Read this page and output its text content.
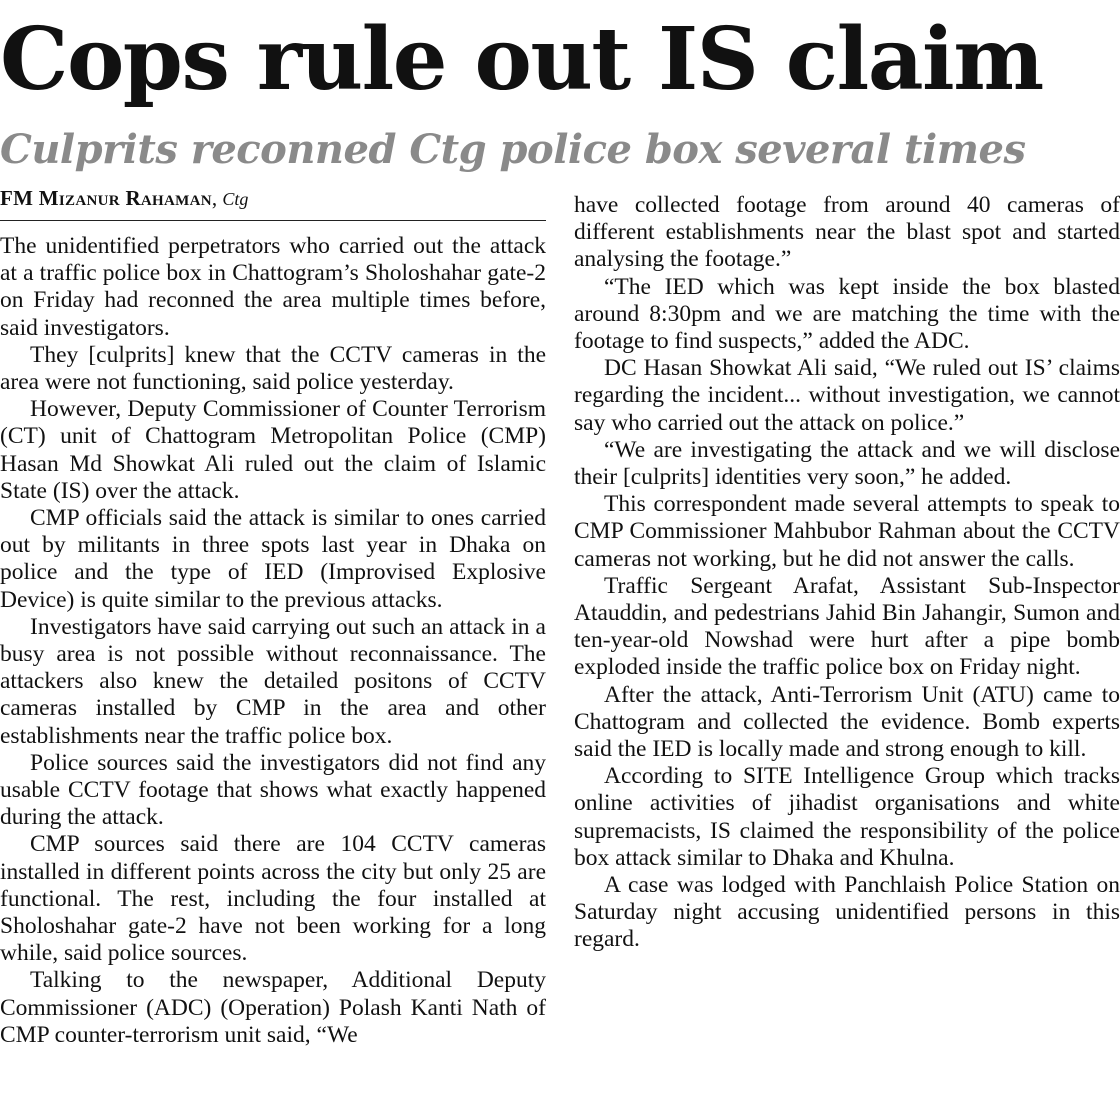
Cops rule out IS claim
Culprits reconned Ctg police box several times
FM Mizanur Rahaman, Ctg

The unidentified perpetrators who carried out the attack at a traffic police box in Chattogram’s Sholoshahar gate-2 on Friday had reconned the area multiple times before, said investigators.

They [culprits] knew that the CCTV cameras in the area were not functioning, said police yesterday.

However, Deputy Commissioner of Counter Terrorism (CT) unit of Chattogram Metropolitan Police (CMP) Hasan Md Showkat Ali ruled out the claim of Islamic State (IS) over the attack.

CMP officials said the attack is similar to ones carried out by militants in three spots last year in Dhaka on police and the type of IED (Improvised Explosive Device) is quite similar to the previous attacks.

Investigators have said carrying out such an attack in a busy area is not possible without reconnaissance. The attackers also knew the detailed positons of CCTV cameras installed by CMP in the area and other establishments near the traffic police box.

Police sources said the investigators did not find any usable CCTV footage that shows what exactly happened during the attack.

CMP sources said there are 104 CCTV cameras installed in different points across the city but only 25 are functional. The rest, including the four installed at Sholoshahar gate-2 have not been working for a long while, said police sources.

Talking to the newspaper, Additional Deputy Commissioner (ADC) (Operation) Polash Kanti Nath of CMP counter-terrorism unit said, “We

have collected footage from around 40 cameras of different establishments near the blast spot and started analysing the footage.”

“The IED which was kept inside the box blasted around 8:30pm and we are matching the time with the footage to find suspects,” added the ADC.

DC Hasan Showkat Ali said, “We ruled out IS’ claims regarding the incident... without investigation, we cannot say who carried out the attack on police.”

“We are investigating the attack and we will disclose their [culprits] identities very soon,” he added.

This correspondent made several attempts to speak to CMP Commissioner Mahbubor Rahman about the CCTV cameras not working, but he did not answer the calls.

Traffic Sergeant Arafat, Assistant Sub-Inspector Atauddin, and pedestrians Jahid Bin Jahangir, Sumon and ten-year-old Nowshad were hurt after a pipe bomb exploded inside the traffic police box on Friday night.

After the attack, Anti-Terrorism Unit (ATU) came to Chattogram and collected the evidence. Bomb experts said the IED is locally made and strong enough to kill.

According to SITE Intelligence Group which tracks online activities of jihadist organisations and white supremacists, IS claimed the responsibility of the police box attack similar to Dhaka and Khulna.

A case was lodged with Panchlaish Police Station on Saturday night accusing unidentified persons in this regard.
